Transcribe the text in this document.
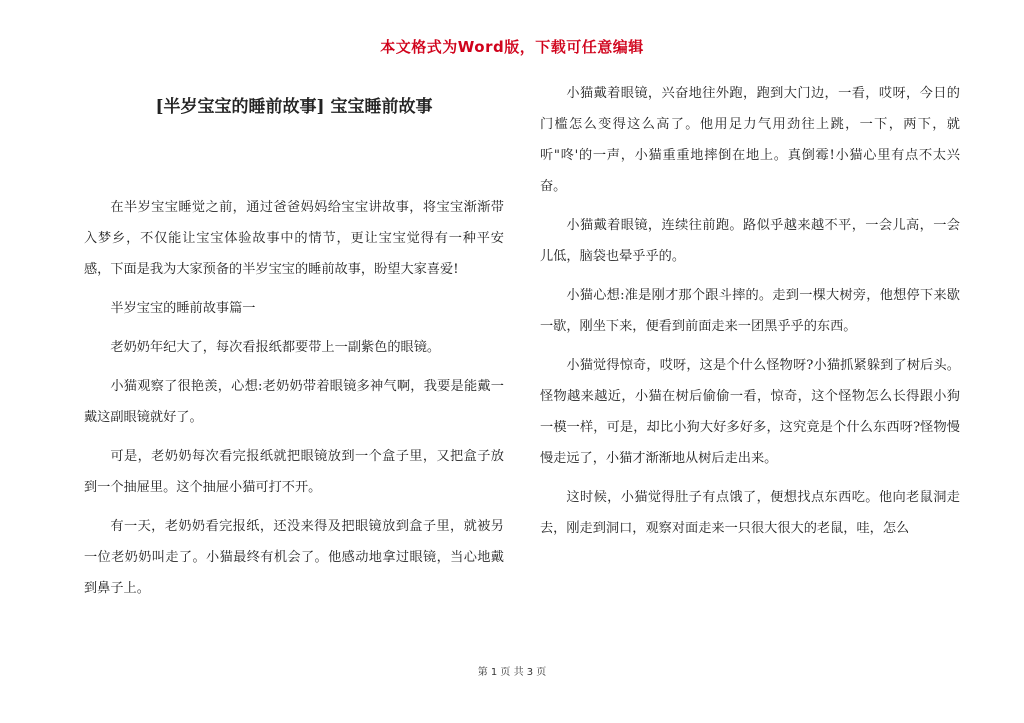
本文格式为Word版，下载可任意编辑
[半岁宝宝的睡前故事] 宝宝睡前故事

在半岁宝宝睡觉之前，通过爸爸妈妈给宝宝讲故事，将宝宝渐渐带入梦乡，不仅能让宝宝体验故事中的情节，更让宝宝觉得有一种平安感，下面是我为大家预备的半岁宝宝的睡前故事，盼望大家喜爱!

半岁宝宝的睡前故事篇一

老奶奶年纪大了，每次看报纸都要带上一副紫色的眼镜。

小猫观察了很艳羡，心想:老奶奶带着眼镜多神气啊，我要是能戴一戴这副眼镜就好了。

可是，老奶奶每次看完报纸就把眼镜放到一个盒子里，又把盒子放到一个抽屉里。这个抽屉小猫可打不开。

有一天，老奶奶看完报纸，还没来得及把眼镜放到盒子里，就被另一位老奶奶叫走了。小猫最终有机会了。他感动地拿过眼镜，当心地戴到鼻子上。

小猫戴着眼镜，兴奋地往外跑，跑到大门边，一看，哎呀，今日的门槛怎么变得这么高了。他用足力气用劲往上跳，一下，两下，就听"咚'的一声，小猫重重地摔倒在地上。真倒霉!小猫心里有点不太兴奋。

小猫戴着眼镜，连续往前跑。路似乎越来越不平，一会儿高，一会儿低，脑袋也晕乎乎的。

小猫心想:准是刚才那个跟斗摔的。走到一棵大树旁，他想停下来歇一歇，刚坐下来，便看到前面走来一团黑乎乎的东西。

小猫觉得惊奇，哎呀，这是个什么怪物呀?小猫抓紧躲到了树后头。怪物越来越近，小猫在树后偷偷一看，惊奇，这个怪物怎么长得跟小狗一模一样，可是，却比小狗大好多好多，这究竟是个什么东西呀?怪物慢慢走远了，小猫才渐渐地从树后走出来。

这时候，小猫觉得肚子有点饿了，便想找点东西吃。他向老鼠洞走去，刚走到洞口，观察对面走来一只很大很大的老鼠，哇，怎么

第 1 页 共 3 页
